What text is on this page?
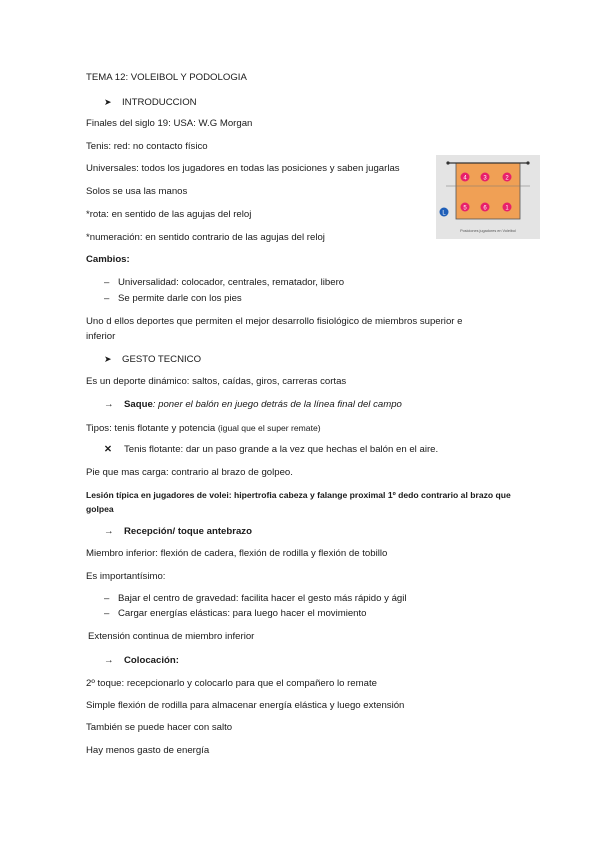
TEMA 12: VOLEIBOL Y PODOLOGIA
➤ INTRODUCCION
Finales del siglo 19: USA: W.G Morgan
Tenis: red: no contacto físico
Universales: todos los jugadores en todas las posiciones y saben jugarlas
Solos se usa las manos
*rota: en sentido de las agujas del reloj
*numeración: en sentido contrario de las agujas del reloj
Cambios:
– Universalidad: colocador, centrales, rematador, libero
– Se permite darle con los pies
Uno d ellos deportes que permiten el mejor desarrollo fisiológico de miembros superior e
inferior
➤ GESTO TECNICO
Es un deporte dinámico: saltos, caídas, giros, carreras cortas
→ Saque: poner el balón en juego detrás de la línea final del campo
Tipos: tenis flotante y potencia (igual que el super remate)
✕ Tenis flotante: dar un paso grande a la vez que hechas el balón en el aire.
Pie que mas carga: contrario al brazo de golpeo.
Lesión típica en jugadores de volei: hipertrofia cabeza y falange proximal 1º dedo contrario al brazo que
golpea
→ Recepción/ toque antebrazo
Miembro inferior: flexión de cadera, flexión de rodilla y flexión de tobillo
Es importantísimo:
– Bajar el centro de gravedad: facilita hacer el gesto más rápido y ágil
– Cargar energías elásticas: para luego hacer el movimiento
Extensión continua de miembro inferior
→ Colocación:
2º toque: recepcionarlo y colocarlo para que el compañero lo remate
Simple flexión de rodilla para almacenar energía elástica y luego extensión
También se puede hacer con salto
Hay menos gasto de energía
4	3	2
5	6	1
L
Posiciones jugadores en Voleibol
